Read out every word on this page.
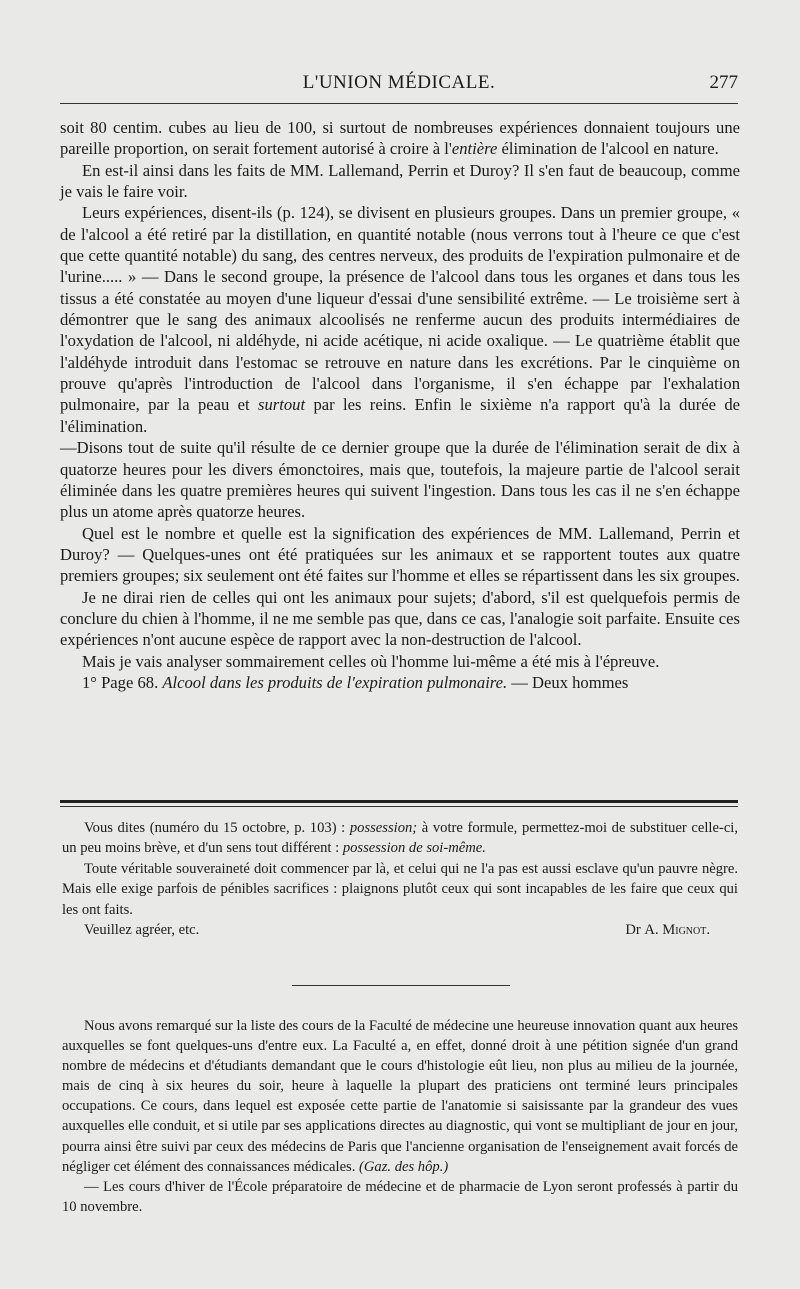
L'UNION MÉDICALE.	277

soit 80 centim. cubes au lieu de 100, si surtout de nombreuses expériences donnaient toujours une pareille proportion, on serait fortement autorisé à croire à l'entière élimination de l'alcool en nature.

En est-il ainsi dans les faits de MM. Lallemand, Perrin et Duroy? Il s'en faut de beaucoup, comme je vais le faire voir.

Leurs expériences, disent-ils (p. 124), se divisent en plusieurs groupes. Dans un premier groupe, « de l'alcool a été retiré par la distillation, en quantité notable (nous verrons tout à l'heure ce que c'est que cette quantité notable) du sang, des centres nerveux, des produits de l'expiration pulmonaire et de l'urine..... » — Dans le second groupe, la présence de l'alcool dans tous les organes et dans tous les tissus a été constatée au moyen d'une liqueur d'essai d'une sensibilité extrême. — Le troisième sert à démontrer que le sang des animaux alcoolisés ne renferme aucun des produits intermédiaires de l'oxydation de l'alcool, ni aldéhyde, ni acide acétique, ni acide oxalique. — Le quatrième établit que l'aldéhyde introduit dans l'estomac se retrouve en nature dans les excrétions. Par le cinquième on prouve qu'après l'introduction de l'alcool dans l'organisme, il s'en échappe par l'exhalation pulmonaire, par la peau et surtout par les reins. Enfin le sixième n'a rapport qu'à la durée de l'élimination.

—Disons tout de suite qu'il résulte de ce dernier groupe que la durée de l'élimination serait de dix à quatorze heures pour les divers émonctoires, mais que, toutefois, la majeure partie de l'alcool serait éliminée dans les quatre premières heures qui suivent l'ingestion. Dans tous les cas il ne s'en échappe plus un atome après quatorze heures.

Quel est le nombre et quelle est la signification des expériences de MM. Lallemand, Perrin et Duroy? — Quelques-unes ont été pratiquées sur les animaux et se rapportent toutes aux quatre premiers groupes; six seulement ont été faites sur l'homme et elles se répartissent dans les six groupes.

Je ne dirai rien de celles qui ont les animaux pour sujets; d'abord, s'il est quelquefois permis de conclure du chien à l'homme, il ne me semble pas que, dans ce cas, l'analogie soit parfaite. Ensuite ces expériences n'ont aucune espèce de rapport avec la non-destruction de l'alcool.

Mais je vais analyser sommairement celles où l'homme lui-même a été mis à l'épreuve.

1° Page 68. Alcool dans les produits de l'expiration pulmonaire. — Deux hommes

Vous dites (numéro du 15 octobre, p. 103) : possession; à votre formule, permettez-moi de substituer celle-ci, un peu moins brève, et d'un sens tout différent : possession de soi-même.

Toute véritable souveraineté doit commencer par là, et celui qui ne l'a pas est aussi esclave qu'un pauvre nègre. Mais elle exige parfois de pénibles sacrifices : plaignons plutôt ceux qui sont incapables de les faire que ceux qui les ont faits.

Veuillez agréer, etc.	Dr A. Mignot.

Nous avons remarqué sur la liste des cours de la Faculté de médecine une heureuse innovation quant aux heures auxquelles se font quelques-uns d'entre eux. La Faculté a, en effet, donné droit à une pétition signée d'un grand nombre de médecins et d'étudiants demandant que le cours d'histologie eût lieu, non plus au milieu de la journée, mais de cinq à six heures du soir, heure à laquelle la plupart des praticiens ont terminé leurs principales occupations. Ce cours, dans lequel est exposée cette partie de l'anatomie si saisissante par la grandeur des vues auxquelles elle conduit, et si utile par ses applications directes au diagnostic, qui vont se multipliant de jour en jour, pourra ainsi être suivi par ceux des médecins de Paris que l'ancienne organisation de l'enseignement avait forcés de négliger cet élément des connaissances médicales. (Gaz. des hôp.)

— Les cours d'hiver de l'École préparatoire de médecine et de pharmacie de Lyon seront professés à partir du 10 novembre.
